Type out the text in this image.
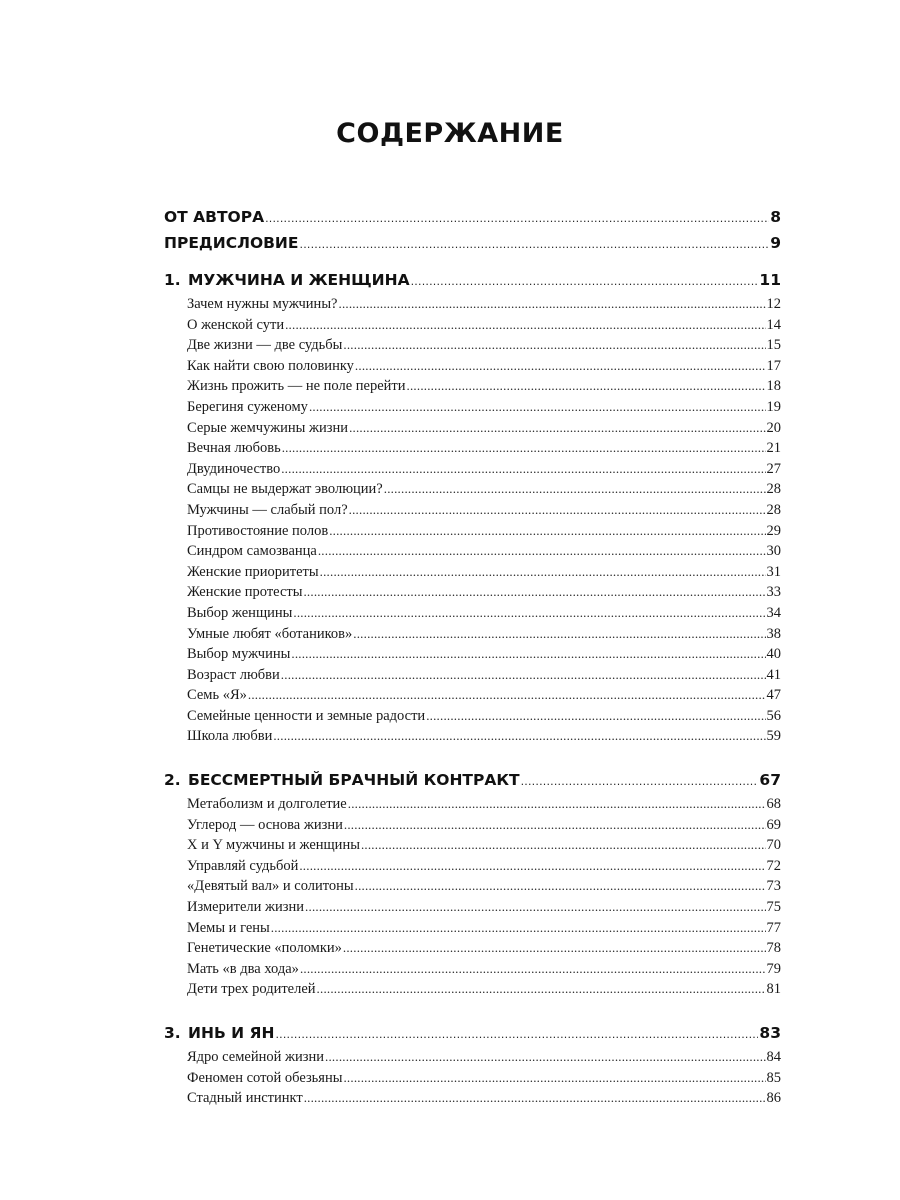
СОДЕРЖАНИЕ
ОТ АВТОРА .....	8
ПРЕДИСЛОВИЕ .....	9
1. МУЖЧИНА И ЖЕНЩИНА .....	11
Зачем нужны мужчины? .....	12
О женской сути .....	14
Две жизни — две судьбы .....	15
Как найти свою половинку .....	17
Жизнь прожить — не поле перейти .....	18
Берегиня суженому .....	19
Серые жемчужины жизни .....	20
Вечная любовь .....	21
Двудиночество .....	27
Самцы не выдержат эволюции? .....	28
Мужчины — слабый пол? .....	28
Противостояние полов .....	29
Синдром самозванца .....	30
Женские приоритеты .....	31
Женские протесты .....	33
Выбор женщины .....	34
Умные любят «ботаников» .....	38
Выбор мужчины .....	40
Возраст любви .....	41
Семь «Я» .....	47
Семейные ценности и земные радости .....	56
Школа любви .....	59
2. БЕССМЕРТНЫЙ БРАЧНЫЙ КОНТРАКТ .....	67
Метаболизм и долголетие .....	68
Углерод — основа жизни .....	69
X и Y мужчины и женщины .....	70
Управляй судьбой .....	72
«Девятый вал» и солитоны .....	73
Измерители жизни .....	75
Мемы и гены .....	77
Генетические «поломки» .....	78
Мать «в два хода» .....	79
Дети трех родителей .....	81
3. ИНЬ И ЯН .....	83
Ядро семейной жизни .....	84
Феномен сотой обезьяны .....	85
Стадный инстинкт .....	86
